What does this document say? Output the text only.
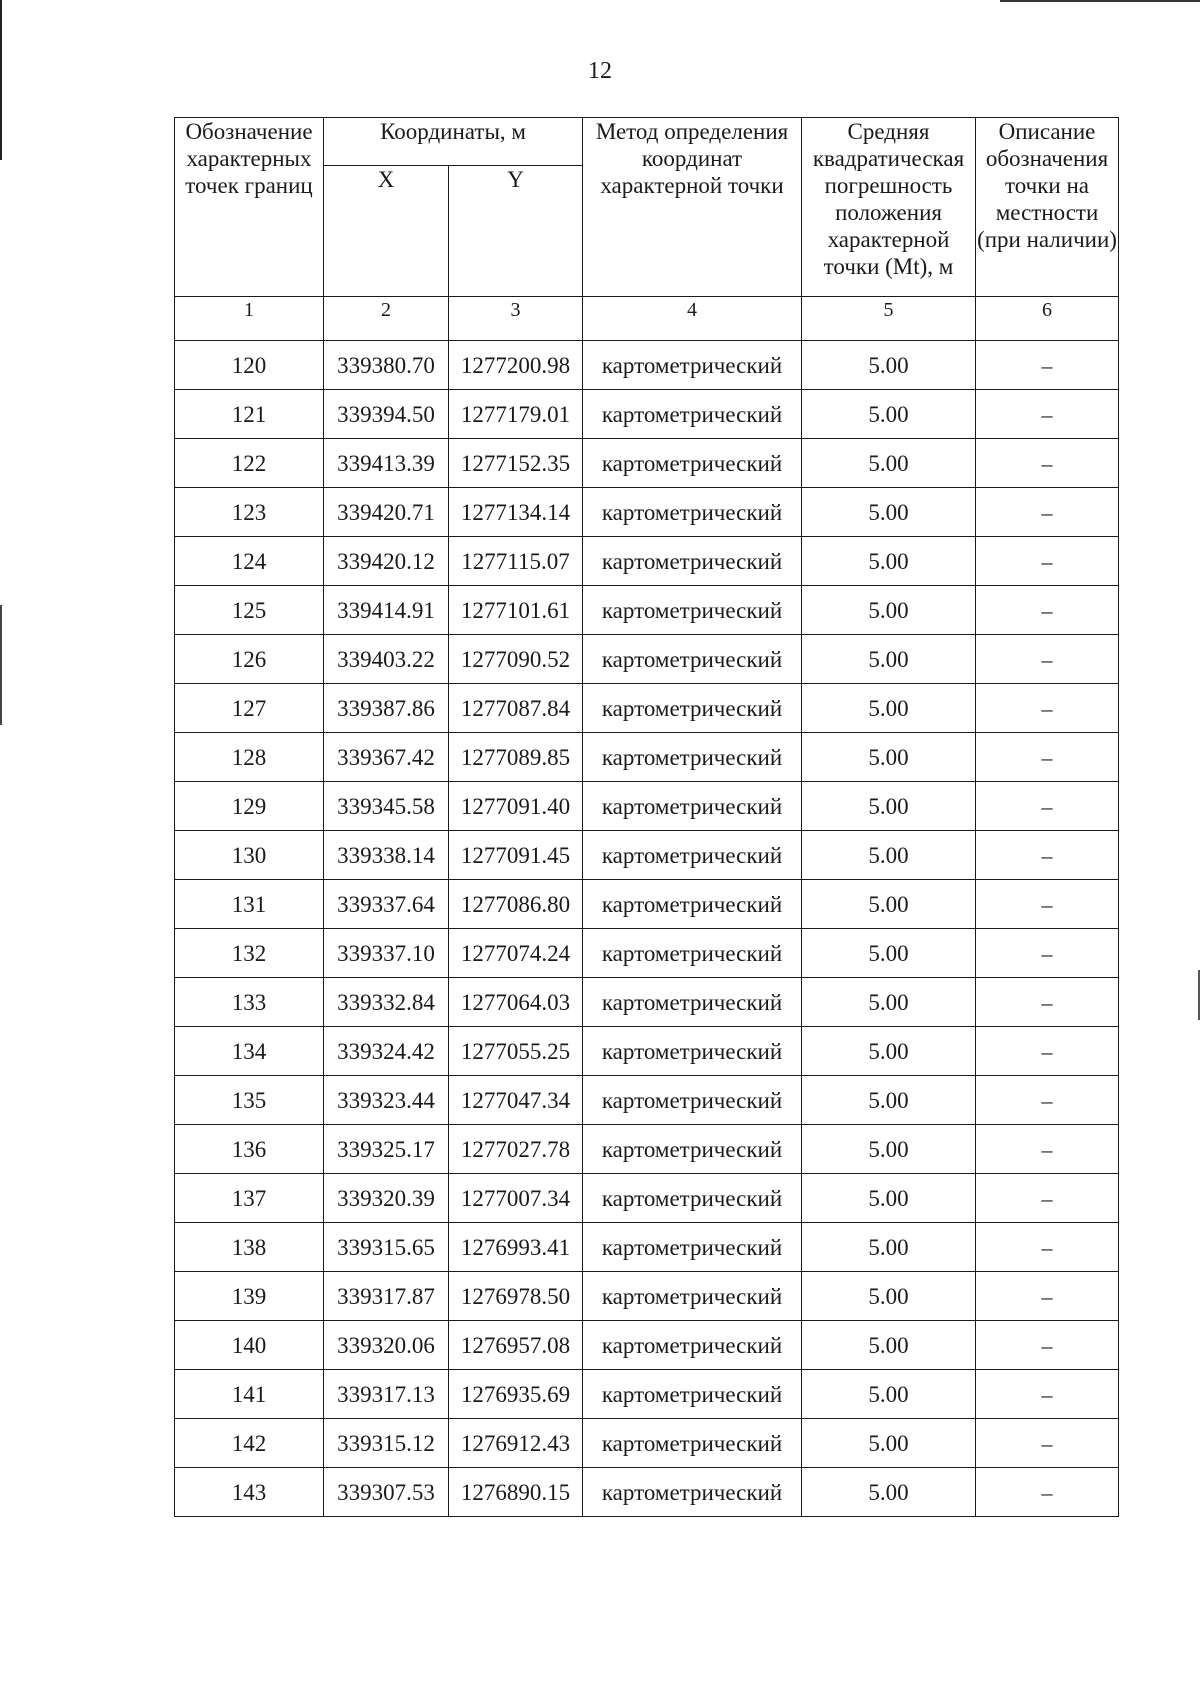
12
Обозначение характерных точек границ	Координаты, м		Метод определения координат характерной точки	Средняя квадратическая погрешность положения характерной точки (Mt), м	Описание обозначения точки на местности (при наличии)
	X	Y			
1	2	3	4	5	6
120	339380.70	1277200.98	картометрический	5.00	–
121	339394.50	1277179.01	картометрический	5.00	–
122	339413.39	1277152.35	картометрический	5.00	–
123	339420.71	1277134.14	картометрический	5.00	–
124	339420.12	1277115.07	картометрический	5.00	–
125	339414.91	1277101.61	картометрический	5.00	–
126	339403.22	1277090.52	картометрический	5.00	–
127	339387.86	1277087.84	картометрический	5.00	–
128	339367.42	1277089.85	картометрический	5.00	–
129	339345.58	1277091.40	картометрический	5.00	–
130	339338.14	1277091.45	картометрический	5.00	–
131	339337.64	1277086.80	картометрический	5.00	–
132	339337.10	1277074.24	картометрический	5.00	–
133	339332.84	1277064.03	картометрический	5.00	–
134	339324.42	1277055.25	картометрический	5.00	–
135	339323.44	1277047.34	картометрический	5.00	–
136	339325.17	1277027.78	картометрический	5.00	–
137	339320.39	1277007.34	картометрический	5.00	–
138	339315.65	1276993.41	картометрический	5.00	–
139	339317.87	1276978.50	картометрический	5.00	–
140	339320.06	1276957.08	картометрический	5.00	–
141	339317.13	1276935.69	картометрический	5.00	–
142	339315.12	1276912.43	картометрический	5.00	–
143	339307.53	1276890.15	картометрический	5.00	–
